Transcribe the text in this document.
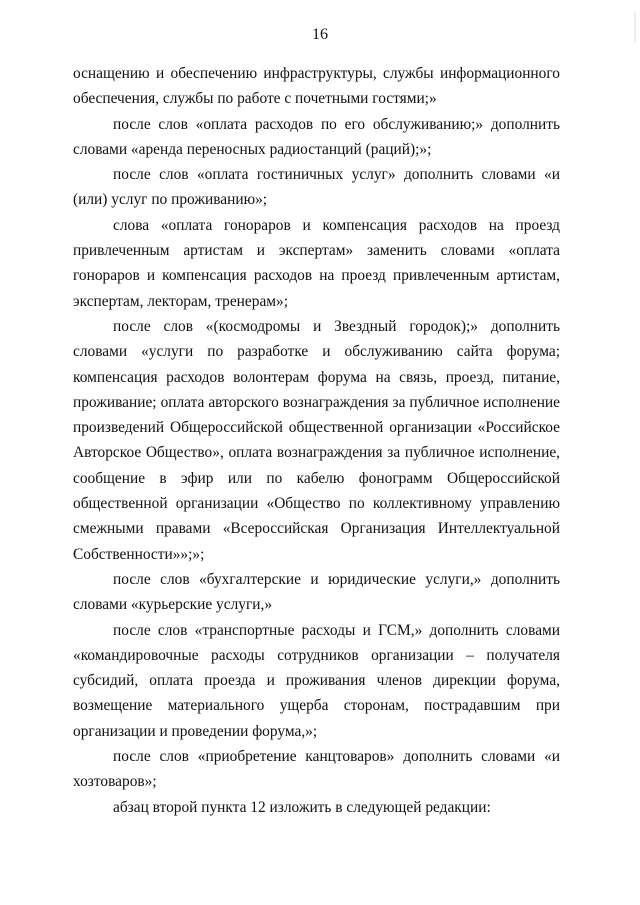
16

оснащению и обеспечению инфраструктуры, службы информационного обеспечения, службы по работе с почетными гостями;»

после слов «оплата расходов по его обслуживанию;» дополнить словами «аренда переносных радиостанций (раций);»;

после слов «оплата гостиничных услуг» дополнить словами «и (или) услуг по проживанию»;

слова «оплата гонораров и компенсация расходов на проезд привлеченным артистам и экспертам» заменить словами «оплата гонораров и компенсация расходов на проезд привлеченным артистам, экспертам, лекторам, тренерам»;

после слов «(космодромы и Звездный городок);» дополнить словами «услуги по разработке и обслуживанию сайта форума; компенсация расходов волонтерам форума на связь, проезд, питание, проживание; оплата авторского вознаграждения за публичное исполнение произведений Общероссийской общественной организации «Российское Авторское Общество», оплата вознаграждения за публичное исполнение, сообщение в эфир или по кабелю фонограмм Общероссийской общественной организации «Общество по коллективному управлению смежными правами «Всероссийская Организация Интеллектуальной Собственности»»;»;

после слов «бухгалтерские и юридические услуги,» дополнить словами «курьерские услуги,»

после слов «транспортные расходы и ГСМ,» дополнить словами «командировочные расходы сотрудников организации – получателя субсидий, оплата проезда и проживания членов дирекции форума, возмещение материального ущерба сторонам, пострадавшим при организации и проведении форума,»;

после слов «приобретение канцтоваров» дополнить словами «и хозтоваров»;

абзац второй пункта 12 изложить в следующей редакции:
